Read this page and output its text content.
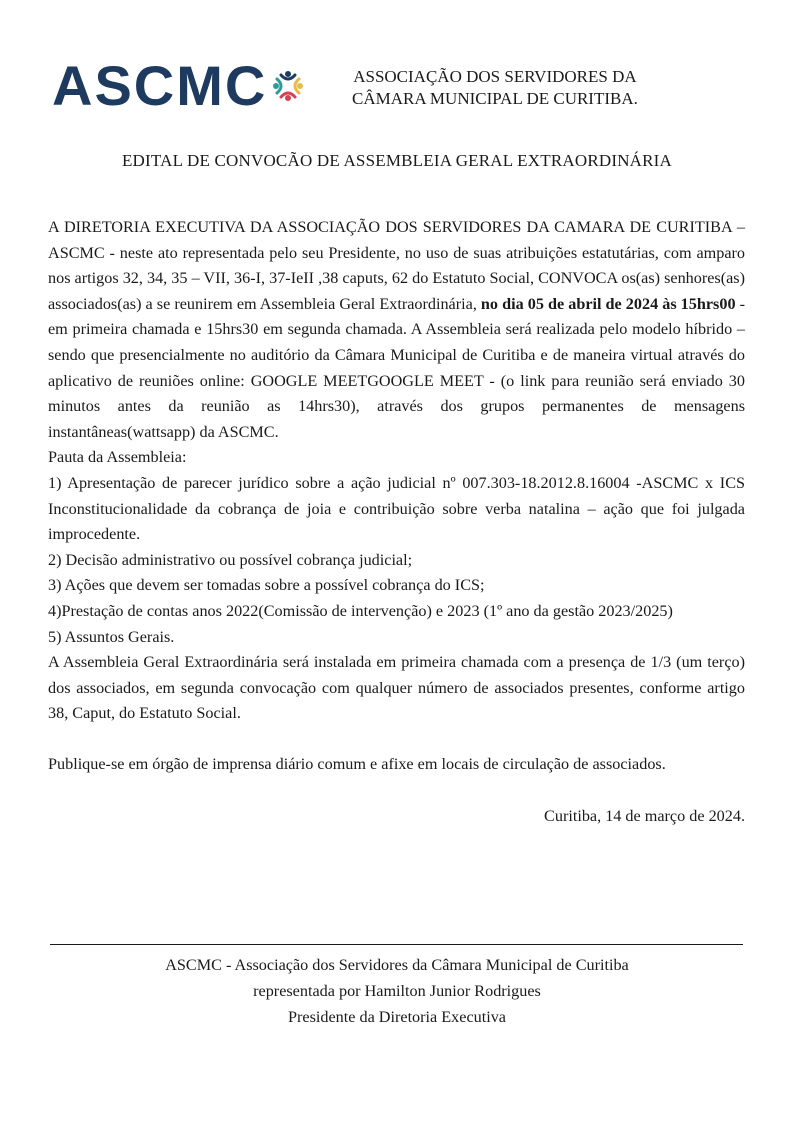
ASCMC	ASSOCIAÇÃO DOS SERVIDORES DA
CÂMARA MUNICIPAL DE CURITIBA.
EDITAL DE CONVOCÃO DE ASSEMBLEIA GERAL EXTRAORDINÁRIA

A DIRETORIA EXECUTIVA DA ASSOCIAÇÃO DOS SERVIDORES DA CAMARA DE CURITIBA – ASCMC - neste ato representada pelo seu Presidente, no uso de suas atribuições estatutárias, com amparo nos artigos 32, 34, 35 – VII, 36-I, 37-IeII ,38 caputs, 62 do Estatuto Social, CONVOCA os(as) senhores(as) associados(as) a se reunirem em Assembleia Geral Extraordinária, no dia 05 de abril de 2024 às 15hrs00 -em primeira chamada e 15hrs30 em segunda chamada. A Assembleia será realizada pelo modelo híbrido – sendo que presencialmente no auditório da Câmara Municipal de Curitiba e de maneira virtual através do aplicativo de reuniões online: GOOGLE MEETGOOGLE MEET - (o link para reunião será enviado 30 minutos antes da reunião as 14hrs30), através dos grupos permanentes de mensagens instantâneas(wattsapp) da ASCMC.

Pauta da Assembleia:

1) Apresentação de parecer jurídico sobre a ação judicial nº 007.303-18.2012.8.16004 -ASCMC x ICS Inconstitucionalidade da cobrança de joia e contribuição sobre verba natalina – ação que foi julgada improcedente.

2) Decisão administrativo ou possível cobrança judicial;

3) Ações que devem ser tomadas sobre a possível cobrança do ICS;

4)Prestação de contas anos 2022(Comissão de intervenção) e 2023 (1º ano da gestão 2023/2025)

5) Assuntos Gerais.

A Assembleia Geral Extraordinária será instalada em primeira chamada com a presença de 1/3 (um terço) dos associados, em segunda convocação com qualquer número de associados presentes, conforme artigo 38, Caput, do Estatuto Social.

Publique-se em órgão de imprensa diário comum e afixe em locais de circulação de associados.

Curitiba, 14 de março de 2024.

ASCMC - Associação dos Servidores da Câmara Municipal de Curitiba
representada por Hamilton Junior Rodrigues
Presidente da Diretoria Executiva
